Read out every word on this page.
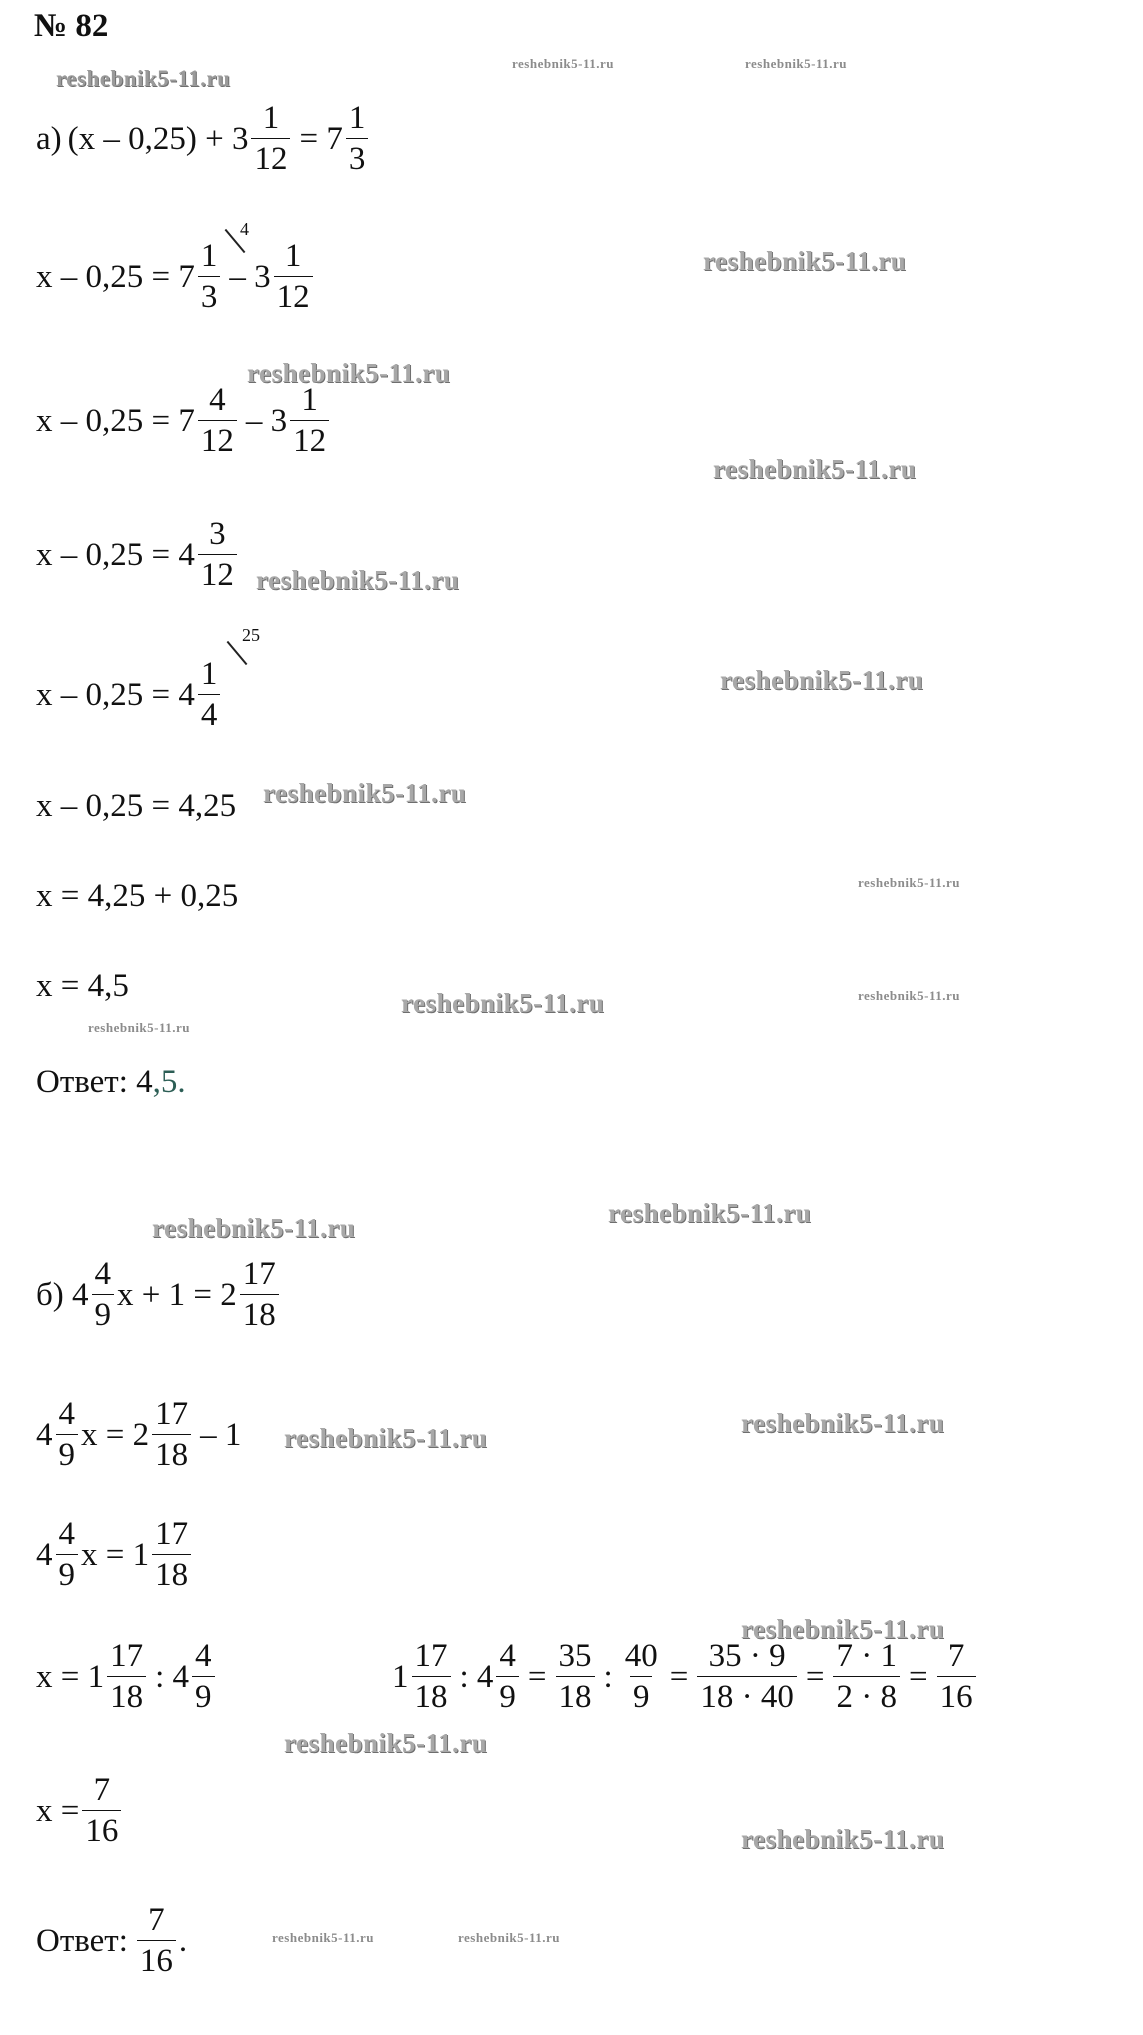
№ 82
reshebnik5-11.ru
reshebnik5-11.ru	reshebnik5-11.ru
reshebnik5-11.ru
reshebnik5-11.ru
reshebnik5-11.ru
reshebnik5-11.ru
reshebnik5-11.ru
reshebnik5-11.ru
reshebnik5-11.ru
reshebnik5-11.ru
reshebnik5-11.ru
reshebnik5-11.ru
reshebnik5-11.ru
reshebnik5-11.ru
reshebnik5-11.ru
reshebnik5-11.ru
reshebnik5-11.ru
reshebnik5-11.ru
reshebnik5-11.ru
reshebnik5-11.ru	reshebnik5-11.ru
а) $(x - 0,25) + 3 \frac{1}{12} = 7 \frac{1}{3}$
$x - 0,25 = 7 \frac{1}{3} - 3 \frac{1}{12}$
4
$x - 0,25 = 7 \frac{4}{12} - 3 \frac{1}{12}$
$x - 0,25 = 4 \frac{3}{12}$
$x - 0,25 = 4 \frac{1}{4}$
25
x – 0,25 = 4,25
x = 4,25 + 0,25
x = 4,5
Ответ: 4 ,5.
б) $4 \frac{4}{9}$ $x + 1 = 2 \frac{17}{18}$
$4 \frac{4}{9}$ $x = 2 \frac{17}{18} - 1$
$4 \frac{4}{9}$ $x = 1 \frac{17}{18}$
$x = 1 \frac{17}{18}$ : $4 \frac{4}{9}$	$1 \frac{17}{18}$ : $4 \frac{4}{9} = \frac{35}{18}$ : $\frac{40}{9} = \frac{35 \cdot 9}{18 \cdot 40} = \frac{7 \cdot 1}{2 \cdot 8} = \frac{7}{16}$
$x = \frac{7}{16}$
Ответ: $\frac{7}{16}$ .
